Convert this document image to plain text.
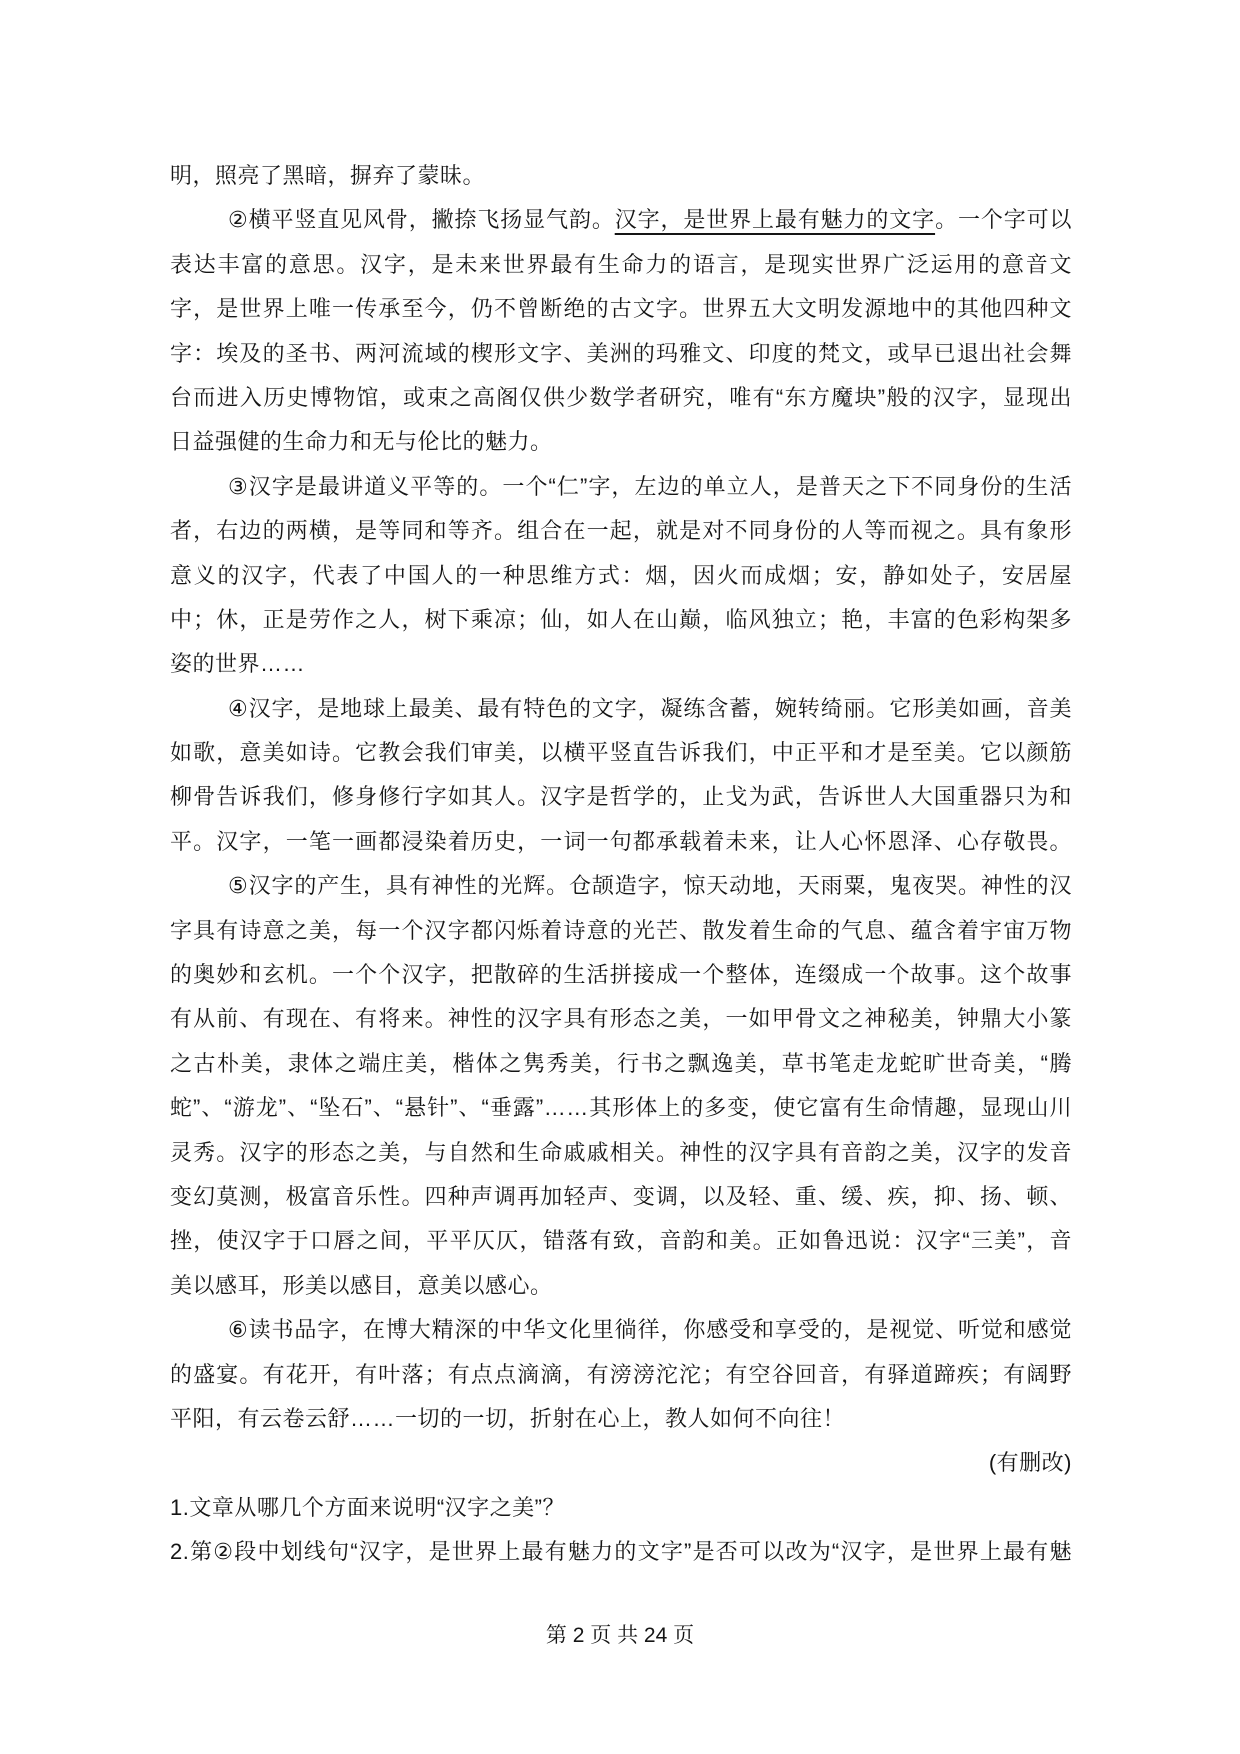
明，照亮了黑暗，摒弃了蒙昧。
②横平竖直见风骨，撇捺飞扬显气韵。汉字，是世界上最有魅力的文字。一个字可以
表达丰富的意思。汉字，是未来世界最有生命力的语言，是现实世界广泛运用的意音文
字，是世界上唯一传承至今，仍不曾断绝的古文字。世界五大文明发源地中的其他四种文
字：埃及的圣书、两河流域的楔形文字、美洲的玛雅文、印度的梵文，或早已退出社会舞
台而进入历史博物馆，或束之高阁仅供少数学者研究，唯有“东方魔块”般的汉字，显现出
日益强健的生命力和无与伦比的魅力。
③汉字是最讲道义平等的。一个“仁”字，左边的单立人，是普天之下不同身份的生活
者，右边的两横，是等同和等齐。组合在一起，就是对不同身份的人等而视之。具有象形
意义的汉字，代表了中国人的一种思维方式：烟，因火而成烟；安，静如处子，安居屋
中；休，正是劳作之人，树下乘凉；仙，如人在山巅，临风独立；艳，丰富的色彩构架多
姿的世界……
④汉字，是地球上最美、最有特色的文字，凝练含蓄，婉转绮丽。它形美如画，音美
如歌，意美如诗。它教会我们审美，以横平竖直告诉我们，中正平和才是至美。它以颜筋
柳骨告诉我们，修身修行字如其人。汉字是哲学的，止戈为武，告诉世人大国重器只为和
平。汉字，一笔一画都浸染着历史，一词一句都承载着未来，让人心怀恩泽、心存敬畏。
⑤汉字的产生，具有神性的光辉。仓颉造字，惊天动地，天雨粟，鬼夜哭。神性的汉
字具有诗意之美，每一个汉字都闪烁着诗意的光芒、散发着生命的气息、蕴含着宇宙万物
的奥妙和玄机。一个个汉字，把散碎的生活拼接成一个整体，连缀成一个故事。这个故事
有从前、有现在、有将来。神性的汉字具有形态之美，一如甲骨文之神秘美，钟鼎大小篆
之古朴美，隶体之端庄美，楷体之隽秀美，行书之飘逸美，草书笔走龙蛇旷世奇美，“腾
蛇”、“游龙”、“坠石”、“悬针”、“垂露”……其形体上的多变，使它富有生命情趣，显现山川
灵秀。汉字的形态之美，与自然和生命戚戚相关。神性的汉字具有音韵之美，汉字的发音
变幻莫测，极富音乐性。四种声调再加轻声、变调，以及轻、重、缓、疾，抑、扬、顿、
挫，使汉字于口唇之间，平平仄仄，错落有致，音韵和美。正如鲁迅说：汉字“三美”，音
美以感耳，形美以感目，意美以感心。
⑥读书品字，在博大精深的中华文化里徜徉，你感受和享受的，是视觉、听觉和感觉
的盛宴。有花开，有叶落；有点点滴滴，有滂滂沱沱；有空谷回音，有驿道蹄疾；有阔野
平阳，有云卷云舒……一切的一切，折射在心上，教人如何不向往！
(有删改)
1.文章从哪几个方面来说明“汉字之美”？
2.第②段中划线句“汉字，是世界上最有魅力的文字”是否可以改为“汉字，是世界上最有魅
第 2 页 共 24 页
